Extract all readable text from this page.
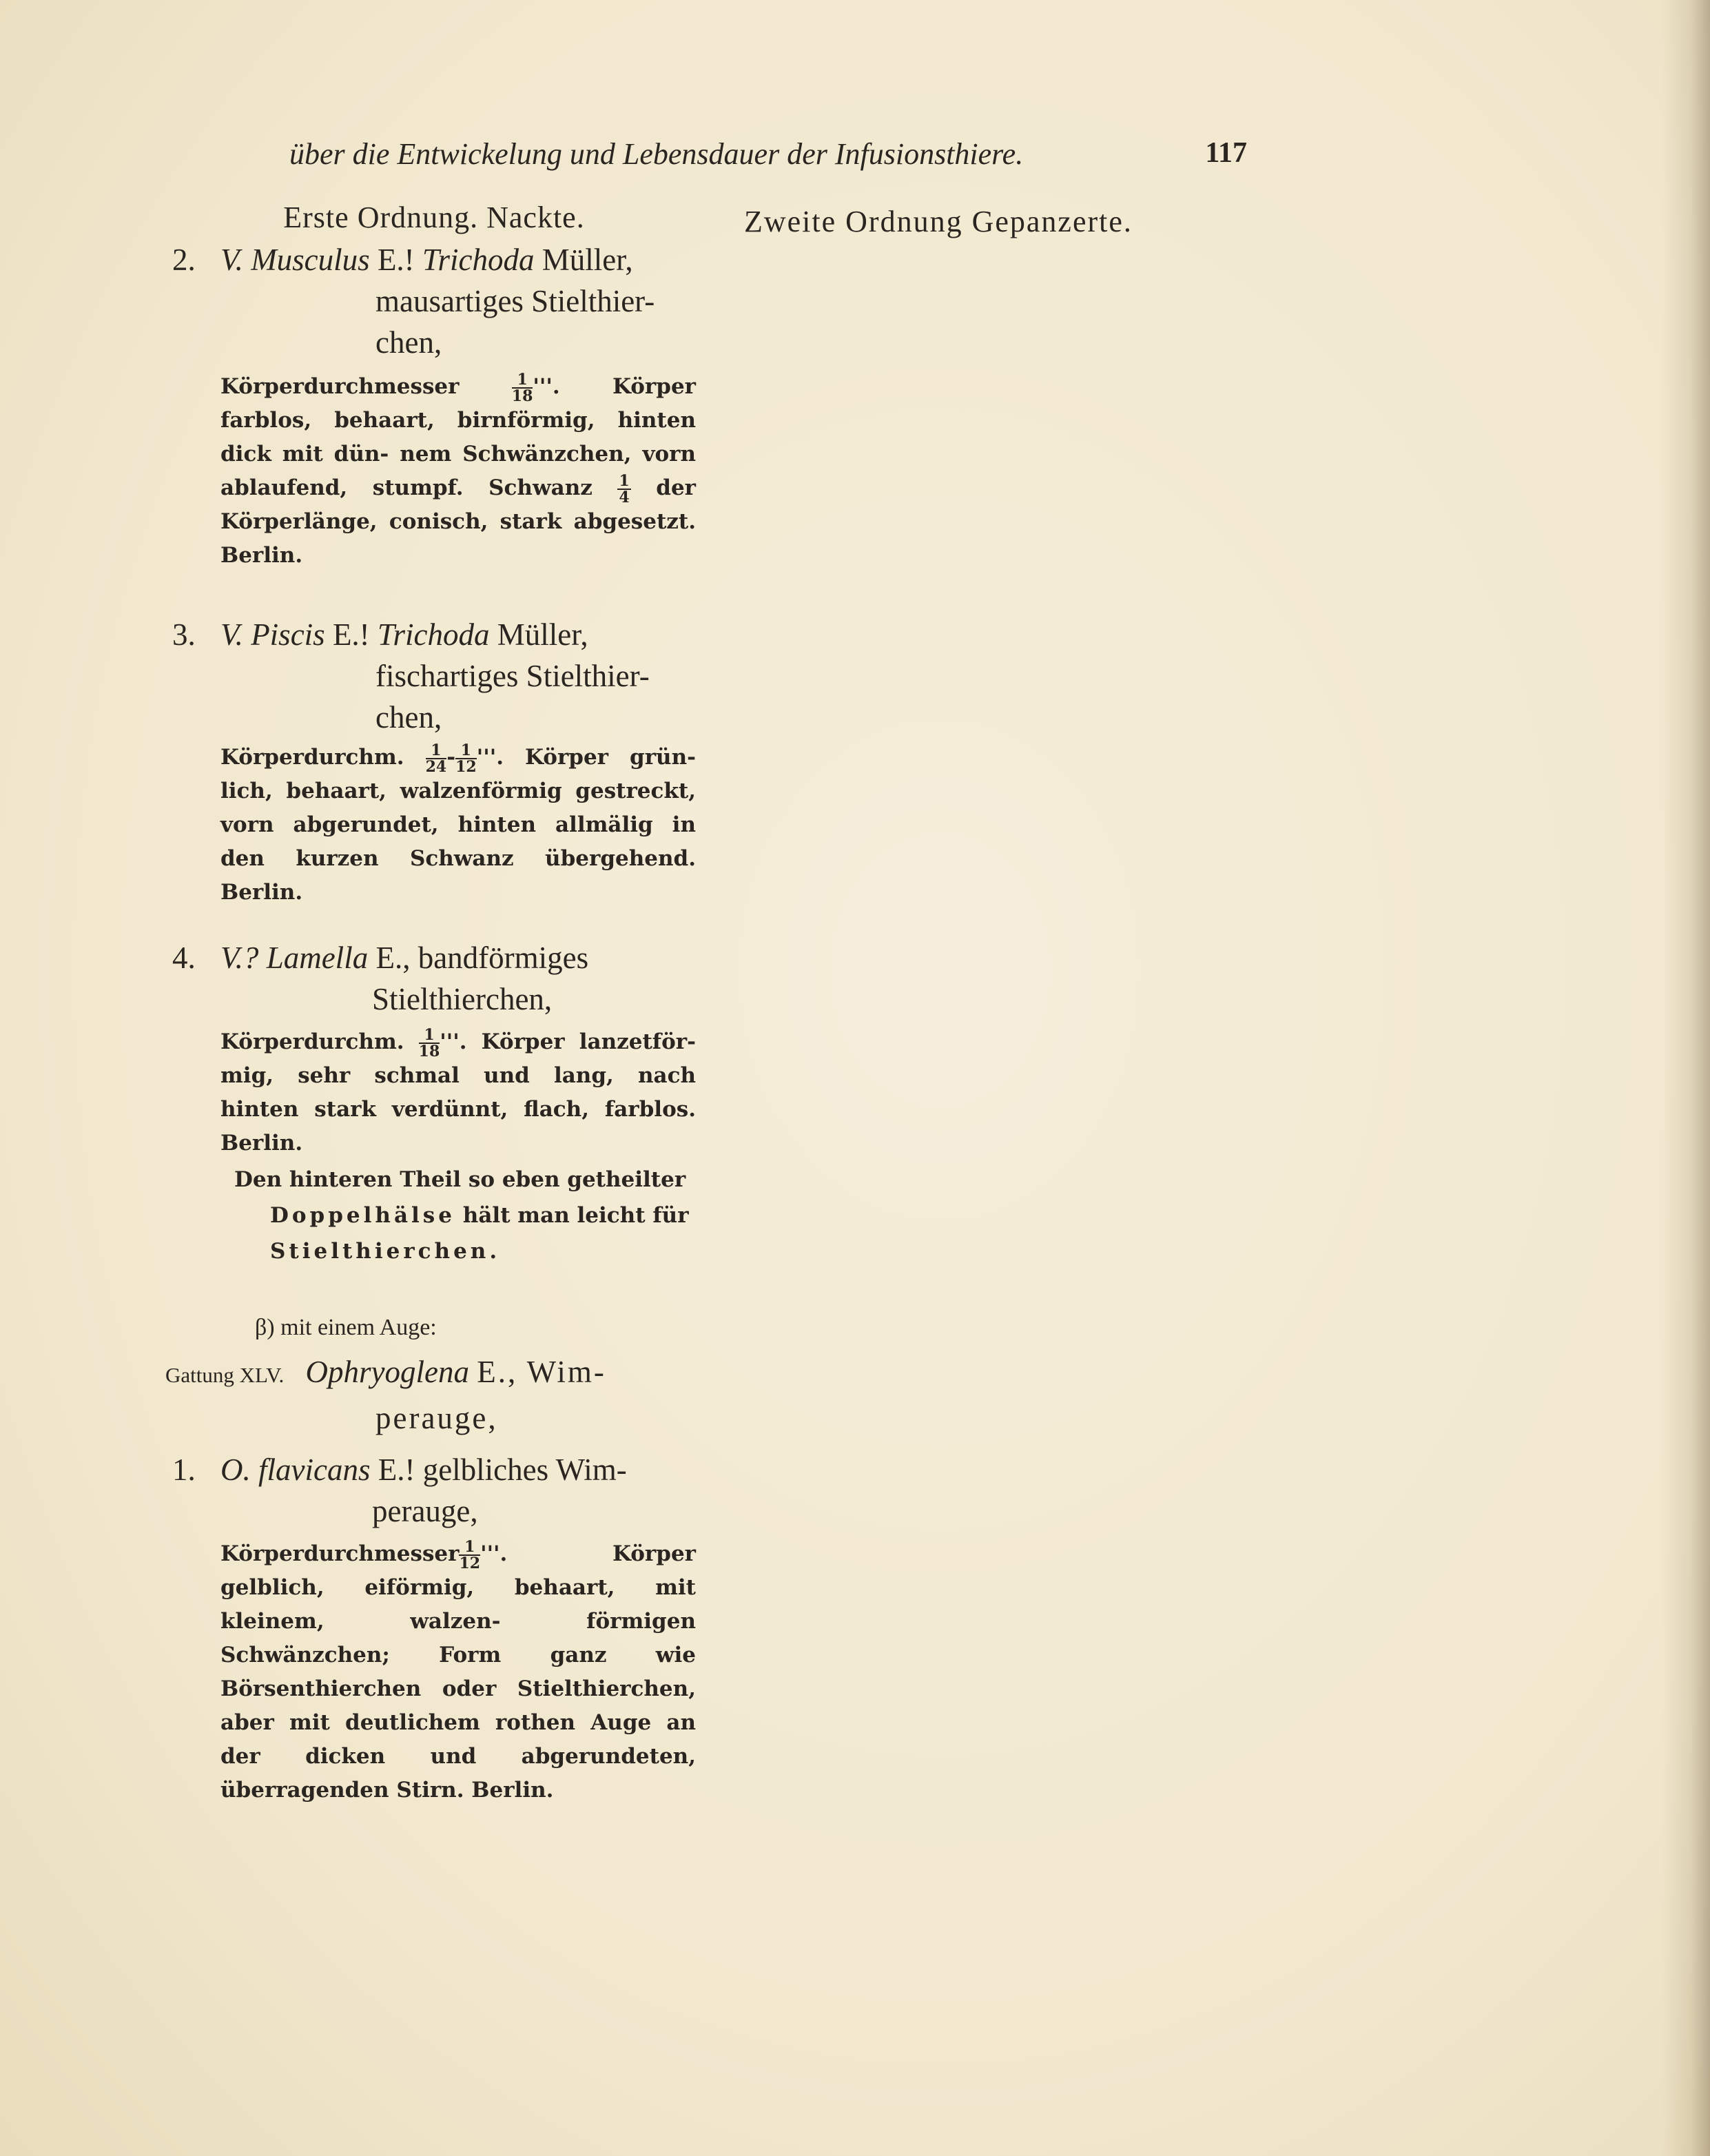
über die Entwickelung und Lebensdauer der Infusionsthiere.	117
Erste Ordnung. Nackte.
2. V. Musculus E.! Trichoda Müller,
mausartiges Stielthier-
chen,

Körperdurchmesser	$\frac{1}{18}$ '''. Körper farblos, behaart, birnförmig, hinten dick mit dün- nem Schwänzchen, vorn ablaufend, stumpf. Schwanz $\frac{1}{4}$ der Körperlänge, conisch, stark abgesetzt. Berlin.

3. V. Piscis E.! Trichoda Müller,
fischartiges Stielthier-
chen,

Körperdurchm. $\frac{1}{24} - \frac{1}{12}$ '''. Körper grün- lich, behaart, walzenförmig gestreckt, vorn abgerundet, hinten allmälig in den kurzen Schwanz übergehend. Berlin.

4. V.? Lamella E., bandförmiges
Stielthierchen,

Körperdurchm. $\frac{1}{18}$ '''. Körper lanzetför- mig, sehr schmal und lang, nach hinten stark verdünnt, flach, farblos. Berlin.

Den hinteren Theil so eben getheilter
Doppelhälse hält man leicht für
Stielthierchen.
β) mit einem Auge:
Gattung XLV. Ophryoglena E., Wim-
perauge,
1. O. flavicans E.! gelbliches Wim-
perauge,

Körperdurchmesser $\frac{1}{12}$ '''. Körper gelblich, eiförmig, behaart, mit kleinem, walzen- förmigen Schwänzchen; Form ganz wie Börsenthierchen oder Stielthierchen, aber mit deutlichem rothen Auge an der dicken und abgerundeten, überragenden Stirn. Berlin.

Zweite Ordnung Gepanzerte.
